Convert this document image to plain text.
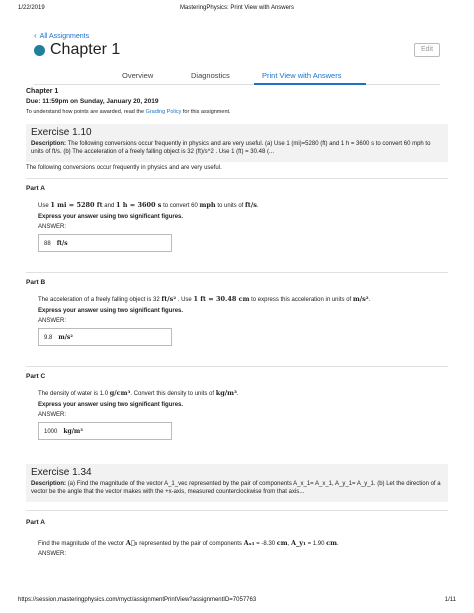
1/22/2019	MasteringPhysics: Print View with Answers
‹ All Assignments
Chapter 1	Edit
Overview	Diagnostics	Print View with Answers
Chapter 1
Due: 11:59pm on Sunday, January 20, 2019
To understand how points are awarded, read the Grading Policy for this assignment.
Exercise 1.10
Description: The following conversions occur frequently in physics and are very useful. (a) Use 1 (mi)=5280 (ft) and 1 h = 3600 s to convert 60 mph to units of ft/s. (b) The acceleration of a freely falling object is 32 (ft)/s^2 . Use 1 (ft) = 30.48 (...
The following conversions occur frequently in physics and are very useful.
Part A
Use 1 mi = 5280 ft and 1 h = 3600 s to convert 60 mph to units of ft/s.
Express your answer using two significant figures.
ANSWER:
88 ft/s
Part B
The acceleration of a freely falling object is 32 ft/s² . Use 1 ft = 30.48 cm to express this acceleration in units of m/s².
Express your answer using two significant figures.
ANSWER:
9.8 m/s²
Part C
The density of water is 1.0 g/cm³. Convert this density to units of kg/m³.
Express your answer using two significant figures.
ANSWER:
1000 kg/m³
Exercise 1.34
Description: (a) Find the magnitude of the vector A_1_vec represented by the pair of components A_x_1= A_x_1, A_y_1= A_y_1. (b) Let the direction of a vector be the angle that the vector makes with the +x-axis, measured counterclockwise from that axis...
Part A
Find the magnitude of the vector A⃗₁ represented by the pair of components Aₓ₁ = -8.30 cm, A_y₁ = 1.90 cm.
ANSWER:
https://session.masteringphysics.com/myct/assignmentPrintView?assignmentID=7057763	1/11
